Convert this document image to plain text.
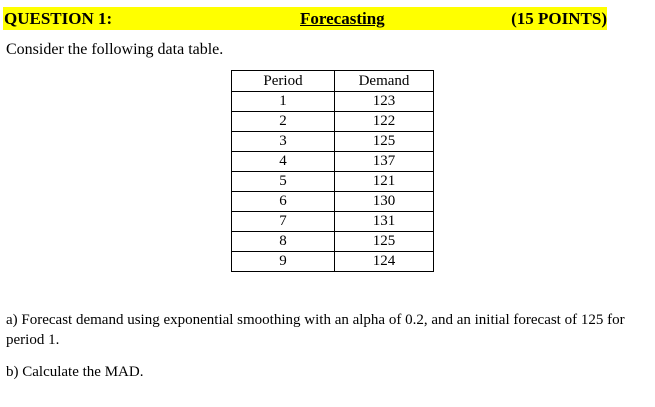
QUESTION 1:	Forecasting	(15 POINTS)
Consider the following data table.
Period	Demand
1	123
2	122
3	125
4	137
5	121
6	130
7	131
8	125
9	124
a) Forecast demand using exponential smoothing with an alpha of 0.2, and an initial forecast of 125 for period 1.
b) Calculate the MAD.
